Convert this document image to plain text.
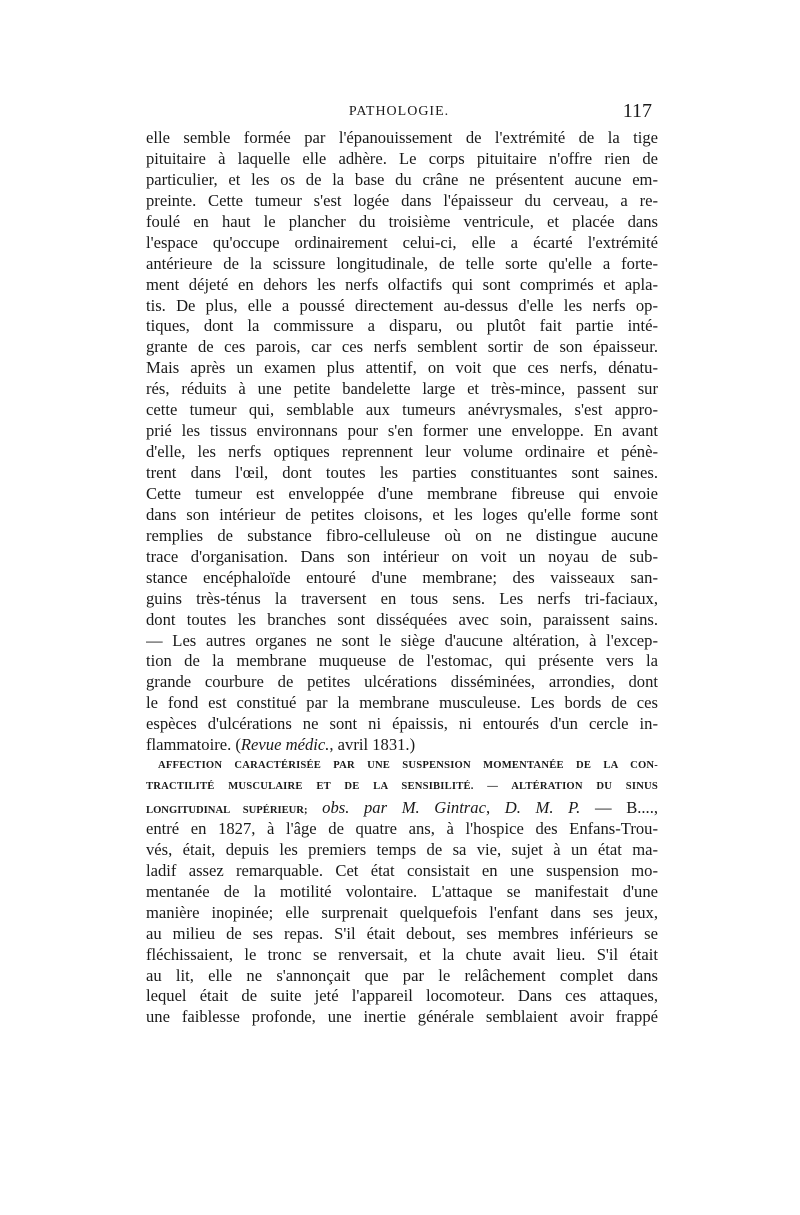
PATHOLOGIE.	117
elle semble formée par l'épanouissement de l'extrémité de la tige
pituitaire à laquelle elle adhère. Le corps pituitaire n'offre rien de
particulier, et les os de la base du crâne ne présentent aucune em-
preinte. Cette tumeur s'est logée dans l'épaisseur du cerveau, a re-
foulé en haut le plancher du troisième ventricule, et placée dans
l'espace qu'occupe ordinairement celui-ci, elle a écarté l'extrémité
antérieure de la scissure longitudinale, de telle sorte qu'elle a forte-
ment déjeté en dehors les nerfs olfactifs qui sont comprimés et apla-
tis. De plus, elle a poussé directement au-dessus d'elle les nerfs op-
tiques, dont la commissure a disparu, ou plutôt fait partie inté-
grante de ces parois, car ces nerfs semblent sortir de son épaisseur.
Mais après un examen plus attentif, on voit que ces nerfs, dénatu-
rés, réduits à une petite bandelette large et très-mince, passent sur
cette tumeur qui, semblable aux tumeurs anévrysmales, s'est appro-
prié les tissus environnans pour s'en former une enveloppe. En avant
d'elle, les nerfs optiques reprennent leur volume ordinaire et pénè-
trent dans l'œil, dont toutes les parties constituantes sont saines.
Cette tumeur est enveloppée d'une membrane fibreuse qui envoie
dans son intérieur de petites cloisons, et les loges qu'elle forme sont
remplies de substance fibro-celluleuse où on ne distingue aucune
trace d'organisation. Dans son intérieur on voit un noyau de sub-
stance encéphaloïde entouré d'une membrane; des vaisseaux san-
guins très-ténus la traversent en tous sens. Les nerfs tri-faciaux,
dont toutes les branches sont disséquées avec soin, paraissent sains.
— Les autres organes ne sont le siège d'aucune altération, à l'excep-
tion de la membrane muqueuse de l'estomac, qui présente vers la
grande courbure de petites ulcérations disséminées, arrondies, dont
le fond est constitué par la membrane musculeuse. Les bords de ces
espèces d'ulcérations ne sont ni épaissis, ni entourés d'un cercle in-
flammatoire. (Revue médic., avril 1831.)
AFFECTION CARACTÉRISÉE PAR UNE SUSPENSION MOMENTANÉE DE LA CON-
TRACTILITÉ MUSCULAIRE ET DE LA SENSIBILITÉ. — ALTÉRATION DU SINUS
LONGITUDINAL SUPÉRIEUR; obs. par M. Gintrac, D. M. P. — B....,
entré en 1827, à l'âge de quatre ans, à l'hospice des Enfans-Trou-
vés, était, depuis les premiers temps de sa vie, sujet à un état ma-
ladif assez remarquable. Cet état consistait en une suspension mo-
mentanée de la motilité volontaire. L'attaque se manifestait d'une
manière inopinée; elle surprenait quelquefois l'enfant dans ses jeux,
au milieu de ses repas. S'il était debout, ses membres inférieurs se
fléchissaient, le tronc se renversait, et la chute avait lieu. S'il était
au lit, elle ne s'annonçait que par le relâchement complet dans
lequel était de suite jeté l'appareil locomoteur. Dans ces attaques,
une faiblesse profonde, une inertie générale semblaient avoir frappé
